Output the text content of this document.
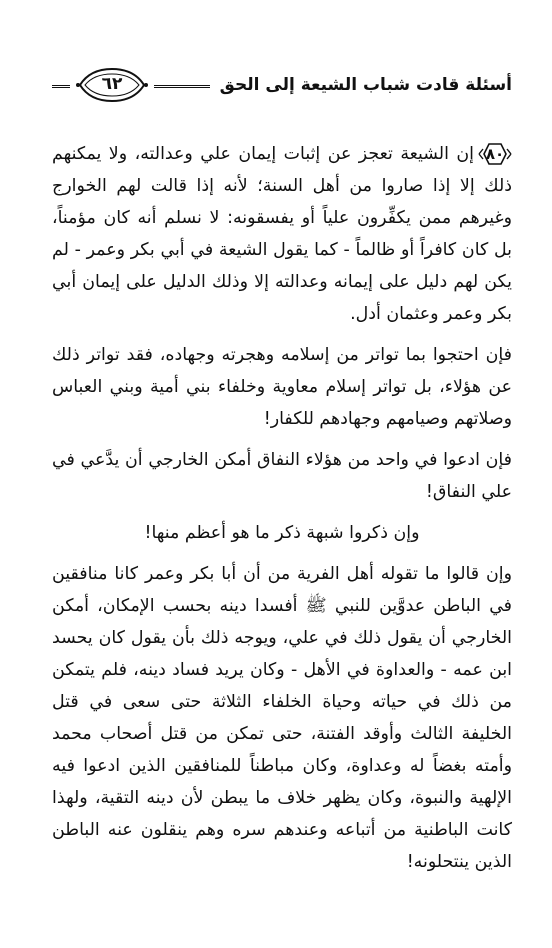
أسئلة قادت شباب الشيعة إلى الحق
٦٢

٨٠إن الشيعة تعجز عن إثبات إيمان علي وعدالته، ولا يمكنهم ذلك إلا إذا صاروا من أهل السنة؛ لأنه إذا قالت لهم الخوارج وغيرهم ممن يكفِّرون علياً أو يفسقونه: لا نسلم أنه كان مؤمناً، بل كان كافراً أو ظالماً - كما يقول الشيعة في أبي بكر وعمر - لم يكن لهم دليل على إيمانه وعدالته إلا وذلك الدليل على إيمان أبي بكر وعمر وعثمان أدل.

فإن احتجوا بما تواتر من إسلامه وهجرته وجهاده، فقد تواتر ذلك عن هؤلاء، بل تواتر إسلام معاوية وخلفاء بني أمية وبني العباس وصلاتهم وصيامهم وجهادهم للكفار!

فإن ادعوا في واحد من هؤلاء النفاق أمكن الخارجي أن يدَّعي في علي النفاق!

وإن ذكروا شبهة ذكر ما هو أعظم منها!

وإن قالوا ما تقوله أهل الفرية من أن أبا بكر وعمر كانا منافقين في الباطن عدوَّين للنبي ﷺ أفسدا دينه بحسب الإمكان، أمكن الخارجي أن يقول ذلك في علي، ويوجه ذلك بأن يقول كان يحسد ابن عمه - والعداوة في الأهل - وكان يريد فساد دينه، فلم يتمكن من ذلك في حياته وحياة الخلفاء الثلاثة حتى سعى في قتل الخليفة الثالث وأوقد الفتنة، حتى تمكن من قتل أصحاب محمد وأمته بغضاً له وعداوة، وكان مباطناً للمنافقين الذين ادعوا فيه الإلهية والنبوة، وكان يظهر خلاف ما يبطن لأن دينه التقية، ولهذا كانت الباطنية من أتباعه وعندهم سره وهم ينقلون عنه الباطن الذين ينتحلونه!
